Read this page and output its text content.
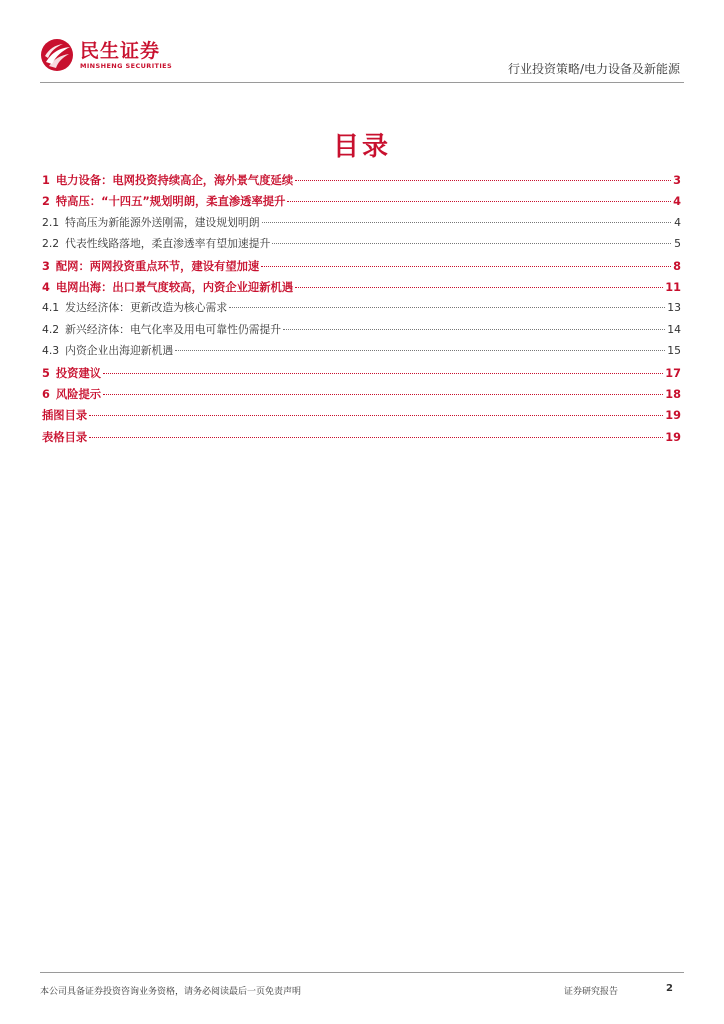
民生证券
MINSHENG SECURITIES	行业投资策略/电力设备及新能源
目录
1 电力设备：电网投资持续高企，海外景气度延续	3
2 特高压：“十四五”规划明朗，柔直渗透率提升	4
2.1 特高压为新能源外送刚需，建设规划明朗	4
2.2 代表性线路落地，柔直渗透率有望加速提升	5
3 配网：两网投资重点环节，建设有望加速	8
4 电网出海：出口景气度较高，内资企业迎新机遇	11
4.1 发达经济体：更新改造为核心需求	13
4.2 新兴经济体：电气化率及用电可靠性仍需提升	14
4.3 内资企业出海迎新机遇	15
5 投资建议	17
6 风险提示	18
插图目录	19
表格目录	19
本公司具备证券投资咨询业务资格，请务必阅读最后一页免责声明	证券研究报告	2
